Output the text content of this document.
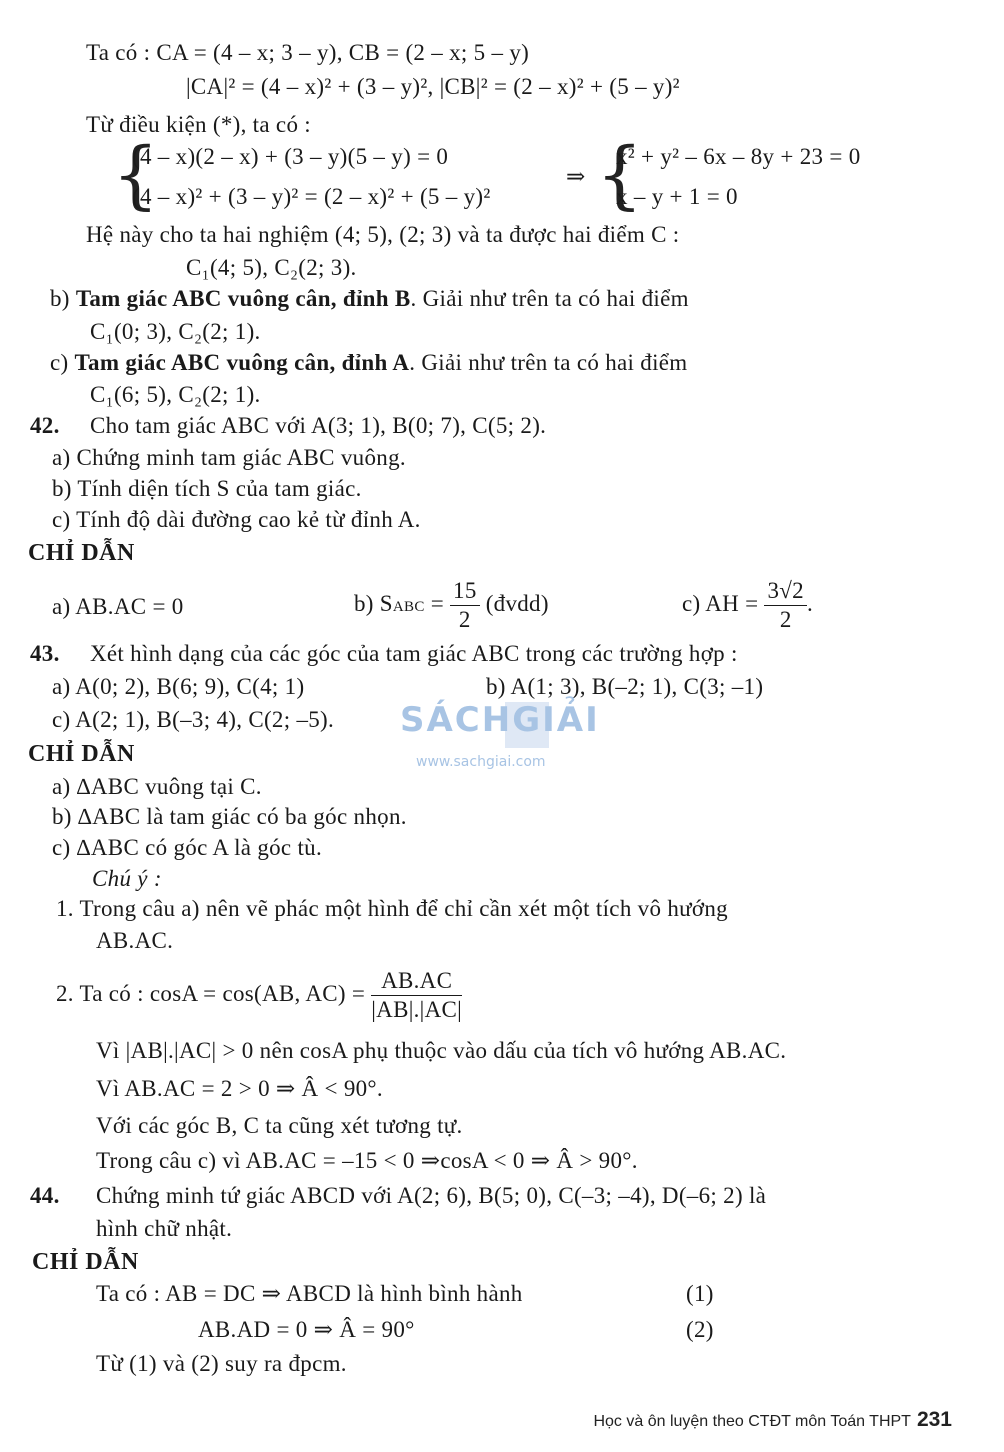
Ta có : CA = (4 – x; 3 – y), CB = (2 – x; 5 – y)
|CA|² = (4 – x)² + (3 – y)², |CB|² = (2 – x)² + (5 – y)²
Từ điều kiện (*), ta có :
{
(4 – x)(2 – x) + (3 – y)(5 – y) = 0
(4 – x)² + (3 – y)² = (2 – x)² + (5 – y)²
⇒ {
x² + y² – 6x – 8y + 23 = 0
x – y + 1 = 0
Hệ này cho ta hai nghiệm (4; 5), (2; 3) và ta được hai điểm C :
C₁(4; 5), C₂(2; 3).
b) Tam giác ABC vuông cân, đỉnh B. Giải như trên ta có hai điểm
C₁(0; 3), C₂(2; 1).
c) Tam giác ABC vuông cân, đỉnh A. Giải như trên ta có hai điểm
C₁(6; 5), C₂(2; 1).
42. Cho tam giác ABC với A(3; 1), B(0; 7), C(5; 2).
a) Chứng minh tam giác ABC vuông.
b) Tính diện tích S của tam giác.
c) Tính độ dài đường cao kẻ từ đỉnh A.
CHỈ DẪN
a) AB.AC = 0	b) SABC = $\frac{15}{2}$ (đvdd)	c) AH = $\frac{3√2}{2}$ .
43. Xét hình dạng của các góc của tam giác ABC trong các trường hợp :
a) A(0; 2), B(6; 9), C(4; 1)	b) A(1; 3), B(–2; 1), C(3; –1)
c) A(2; 1), B(–3; 4), C(2; –5). SÁCHGIẢI
www.sachgiai.com
CHỈ DẪN
a) ∆ABC vuông tại C.
b) ∆ABC là tam giác có ba góc nhọn.
c) ∆ABC có góc A là góc tù.
Chú ý :
1. Trong câu a) nên vẽ phác một hình để chỉ cần xét một tích vô hướng
AB.AC.
2. Ta có : cosA = cos(AB, $AC) = \frac{AB.AC}{|AB|.|AC|}$
Vì |AB|.|AC| > 0 nên cosA phụ thuộc vào dấu của tích vô hướng AB.AC.
Vì AB.AC = 2 > 0 ⇒ Â < 90°.
Với các góc B, C ta cũng xét tương tự.
Trong câu c) vì AB.AC = –15 < 0 ⇒cosA < 0 ⇒ Â > 90°.
44. Chứng minh tứ giác ABCD với A(2; 6), B(5; 0), C(–3; –4), D(–6; 2) là
hình chữ nhật.
CHỈ DẪN
Ta có : AB = DC ⇒ ABCD là hình bình hành	(1)
AB.AD = 0 ⇒ Â = 90°	(2)
Từ (1) và (2) suy ra đpcm.
Học và ôn luyện theo CTĐT môn Toán THPT 231
